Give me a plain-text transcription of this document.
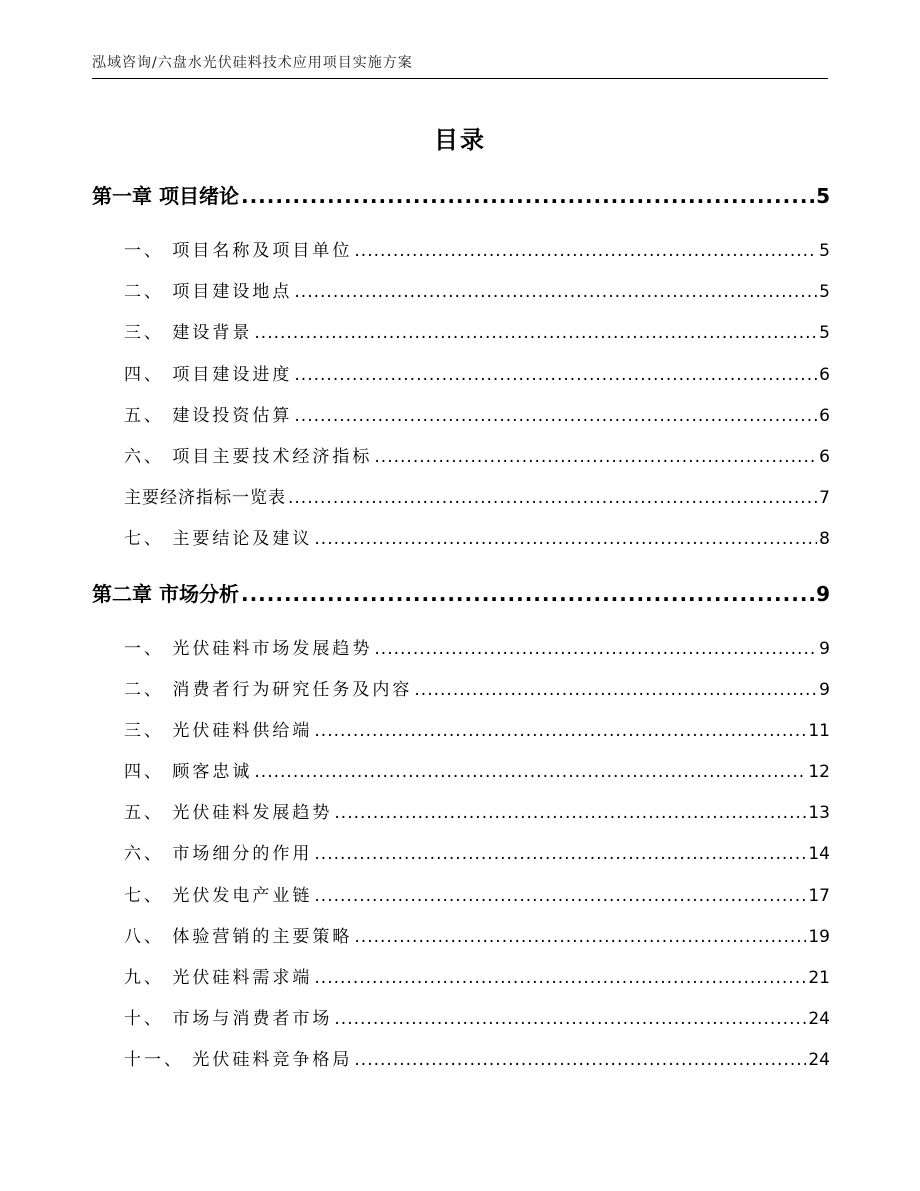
泓域咨询/六盘水光伏硅料技术应用项目实施方案
目录
第一章 项目绪论 .....	5
一、 项目名称及项目单位 .....	5
二、 项目建设地点 .....	5
三、 建设背景 .....	5
四、 项目建设进度 .....	6
五、 建设投资估算 .....	6
六、 项目主要技术经济指标 .....	6
主要经济指标一览表 .....	7
七、 主要结论及建议 .....	8
第二章 市场分析 .....	9
一、 光伏硅料市场发展趋势 .....	9
二、 消费者行为研究任务及内容 .....	9
三、 光伏硅料供给端 .....	11
四、 顾客忠诚 .....	12
五、 光伏硅料发展趋势 .....	13
六、 市场细分的作用 .....	14
七、 光伏发电产业链 .....	17
八、 体验营销的主要策略 .....	19
九、 光伏硅料需求端 .....	21
十、 市场与消费者市场 .....	24
十一、 光伏硅料竞争格局 .....	24
